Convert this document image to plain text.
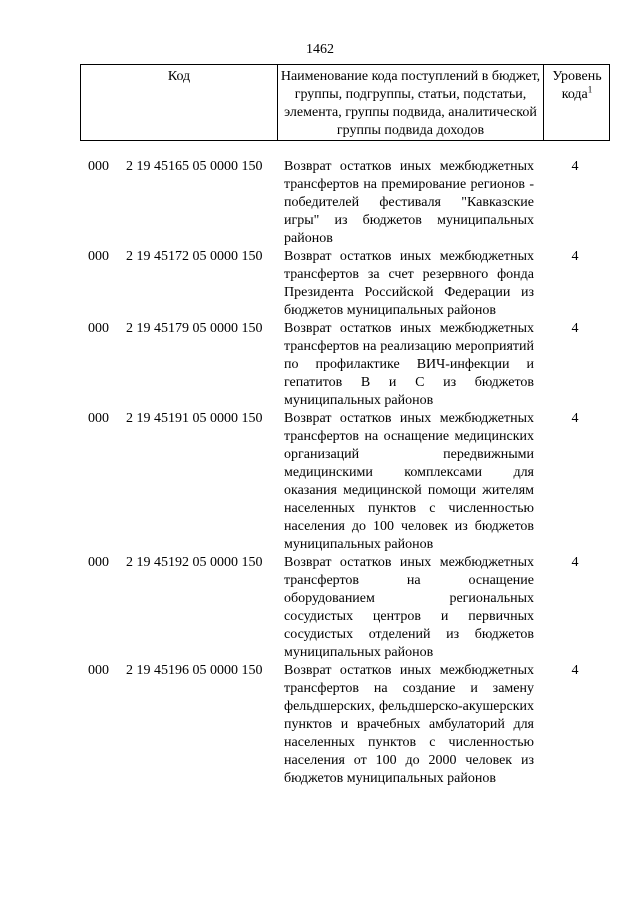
1462
Код	Наименование кода поступлений в бюджет, группы, подгруппы, статьи, подстатьи, элемента, группы подвида, аналитической группы подвида доходов
Уровень кода$^1$
000 2 19 45165 05 0000 150 Возврат остатков иных межбюджетных трансфертов на премирование регионов - победителей фестиваля "Кавказские игры" из бюджетов муниципальных районов
4
000 2 19 45172 05 0000 150 Возврат остатков иных межбюджетных трансфертов за счет резервного фонда Президента Российской Федерации из бюджетов муниципальных районов
4
000 2 19 45179 05 0000 150 Возврат остатков иных межбюджетных трансфертов на реализацию мероприятий по профилактике ВИЧ-инфекции и гепатитов B и C из бюджетов муниципальных районов
4
000 2 19 45191 05 0000 150 Возврат остатков иных межбюджетных трансфертов на оснащение медицинских организаций передвижными медицинскими комплексами для оказания медицинской помощи жителям населенных пунктов с численностью населения до 100 человек из бюджетов муниципальных районов
4
000 2 19 45192 05 0000 150 Возврат остатков иных межбюджетных трансфертов на оснащение оборудованием региональных сосудистых центров и первичных сосудистых отделений из бюджетов муниципальных районов
4
000 2 19 45196 05 0000 150 Возврат остатков иных межбюджетных трансфертов на создание и замену фельдшерских, фельдшерско-акушерских пунктов и врачебных амбулаторий для населенных пунктов с численностью населения от 100 до 2000 человек из бюджетов муниципальных районов
4
